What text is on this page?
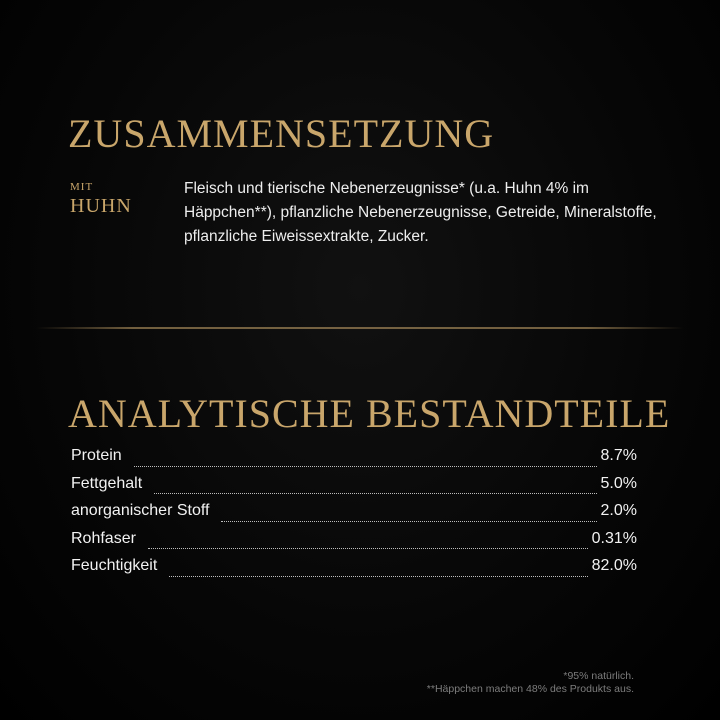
ZUSAMMENSETZUNG
MIT
HUHN
Fleisch und tierische Nebenerzeugnisse* (u.a. Huhn 4% im Häppchen**), pflanzliche Nebenerzeugnisse, Getreide, Mineralstoffe, pflanzliche Eiweissextrakte, Zucker.
ANALYTISCHE BESTANDTEILE
Protein	8.7%
Fettgehalt	5.0%
anorganischer Stoff	2.0%
Rohfaser	0.31%
Feuchtigkeit	82.0%
*95% natürlich.
**Häppchen machen 48% des Produkts aus.
